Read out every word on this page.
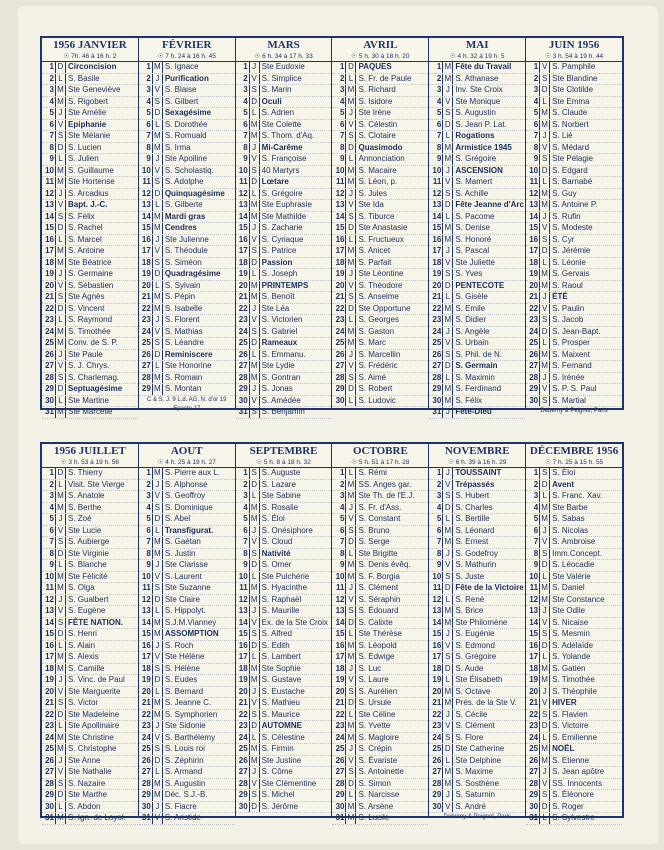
1956 JANVIER
☉ 7h. 46 à 16 h. 2
1 D Circoncision
2 L S. Basile
3 M Ste Geneviève
4 M S. Rigobert
5 J Ste Amélie
6 V Epiphanie
7 S Ste Mélanie
8 D S. Lucien
9 L S. Julien
10 M S. Guillaume
11 M Ste Hortense
12 J S. Arcadius
13 V Bapt. J.-C.
14 S S. Félix
15 D S. Rachel
16 L S. Marcel
17 M S. Antoine
18 M Ste Béatrice
19 J S. Germaine
20 V S. Sébastien
21 S Ste Agnès
22 D S. Vincent
23 L S. Raymond
24 M S. Timothée
25 M Conv. de S. P.
26 J Ste Paule
27 V S. J. Chrys.
28 S S. Charlemag.
29 D Septuagésime
30 L Ste Martine
31 M Ste Marcelle
FÉVRIER
☉ 7 h. 24 à 16 h. 45
1 M S. Ignace
2 J Purification
3 V S. Blaise
4 S S. Gilbert
5 D Sexagésime
6 L S. Dorothée
7 M S. Romuald
8 M S. Irma
9 J Ste Apolline
10 V S. Scholastiq.
11 S S. Adolphe
12 D Quinquagésime
13 L S. Gilberte
14 M Mardi gras
15 M Cendres
16 J Ste Julienne
17 V S. Théodule
18 S S. Siméon
19 D Quadragésime
20 L S. Sylvain
21 M S. Pépin
22 M S. Isabelle
23 J S. Florent
24 V S. Mathias
25 S S. Léandre
26 D Reminiscere
27 L Ste Honorine
28 M S. Romain
29 M S. Montan
C & S. J. 9 L.d. AG. N. d'or 19 Epacte 17
MARS
☉ 6 h. 34 à 17 h. 33
1 J Ste Eudoxie
2 V S. Simplice
3 S S. Marin
4 D Oculi
5 L S. Adrien
6 M Ste Colette
7 M S. Thom. d'Aq.
8 J Mi-Carême
9 V S. Françoise
10 S 40 Martyrs
11 D Lœtare
12 L S. Grégoire
13 M Ste Euphrasie
14 M Ste Mathilde
15 J S. Zacharie
16 V S. Cyriaque
17 S S. Patrice
18 D Passion
19 L S. Joseph
20 M PRINTEMPS
21 M S. Benoît
22 J Ste Léa
23 V S. Victorien
24 S S. Gabriel
25 D Rameaux
26 L S. Emmanu.
27 M Ste Lydie
28 M S. Gontran
29 J S. Jonas
30 V S. Amédée
31 S S. Benjamin
AVRIL
☉ 5 h. 30 à 18 h. 20
1 D PAQUES
2 L S. Fr. de Paule
3 M S. Richard
4 M S. Isidore
5 J Ste Irène
6 V S. Célestin
7 S S. Clotaire
8 D Quasimodo
9 L Annonciation
10 M S. Macaire
11 M S. Léon, p.
12 J S. Jules
13 V Ste Ida
14 S S. Tiburce
15 D Ste Anastasie
16 L S. Fructueux
17 M S. Anicet
18 M S. Parfait
19 J Ste Léontine
20 V S. Théodore
21 S S. Anselme
22 D Ste Opportune
23 L S. Georges
24 M S. Gaston
25 M S. Marc
26 J S. Marcellin
27 V S. Frédéric
28 S S. Aimé
29 D S. Robert
30 L S. Ludovic
MAI
☉ 4 h. 32 à 19 h. 5
1 M Fête du Travail
2 M S. Athanase
3 J Inv. Ste Croix
4 V Ste Monique
5 S S. Augustin
6 D S. Jean P. Lat.
7 L Rogations
8 M Armistice 1945
9 M S. Grégoire
10 J ASCENSION
11 V S. Mamert
12 S S. Achille
13 D Fête Jeanne d'Arc
14 L S. Pacome
15 M S. Denise
16 M S. Honoré
17 J S. Pascal
18 V Ste Juliette
19 S S. Yves
20 D PENTECOTE
21 L S. Gisèle
22 M S. Emile
23 M S. Didier
24 J S. Angèle
25 V S. Urbain
26 S S. Phil. de N.
27 D S. Germain
28 L S. Maximin
29 M S. Ferdinand
30 M S. Félix
31 J Fête-Dieu
JUIN 1956
☉ 3 h. 54 à 19 h. 44
1 V S. Pamphile
2 S Ste Blandine
3 D Ste Clotilde
4 L Ste Emma
5 M S. Claude
6 M S. Norbert
7 J S. Lié
8 V S. Médard
9 S Ste Pélagie
10 D S. Edgard
11 L S. Barnabé
12 M S. Guy
13 M S. Antoine P.
14 J S. Rufin
15 V S. Modeste
16 S S. Cyr
17 D S. Jérémie
18 L S. Léonie
19 M S. Gervais
20 M S. Raoul
21 J ÉTÉ
22 V S. Paulin
23 S S. Jacob
24 D S. Jean-Bapt.
25 L S. Prosper
26 M S. Maixent
27 M S. Fernand
28 J S. Irénée
29 V S. P. S. Paul
30 S S. Martial
Deberny & Peignot, Paris
1956 JUILLET
☉ 3 h. 53 à 19 h. 56
1 D S. Thierry
2 L Visit. Ste Vierge
3 M S. Anatole
4 M S. Berthe
5 J S. Zoé
6 V Ste Lucie
7 S S. Aubierge
8 D Ste Virginie
9 L S. Blanche
10 M Ste Félicité
11 M S. Olga
12 J S. Gualbert
13 V S. Eugène
14 S FÊTE NATION.
15 D S. Henri
16 L S. Alain
17 M S. Alexis
18 M S. Camille
19 J S. Vinc. de Paul
20 V Ste Marguerite
21 S S. Victor
22 D Ste Madeleine
23 L Ste Apollinaire
24 M Ste Christine
25 M S. Christophe
26 J Ste Anne
27 V Ste Nathalie
28 S S. Nazaire
29 D Ste Marthe
30 L S. Abdon
31 M S. Ign. de Loyol.
AOUT
☉ 4 h. 25 à 19 h. 27
1 M S. Pierre aux L.
2 J S. Alphonse
3 V S. Geoffroy
4 S S. Dominique
5 D S. Abel
6 L Transfigurat.
7 M S. Gaétan
8 M S. Justin
9 J Ste Clarisse
10 V S. Laurent
11 S Ste Suzanne
12 D Ste Claire
13 L S. Hippolyt.
14 M S.J.M.Vianney
15 M ASSOMPTION
16 J S. Roch
17 V Ste Hélène
18 S S. Hélène
19 D S. Eudes
20 L S. Bernard
21 M S. Jeanne C.
22 M S. Symphorien
23 J Ste Sidonie
24 V S. Barthélemy
25 S S. Louis roi
26 D S. Zéphirin
27 L S. Armand
28 M S. Augustin
29 M Déc. S.J.-B.
30 J S. Fiacre
31 V S. Aristide
SEPTEMBRE
☉ 5 h. 8 à 18 h. 32
1 S S. Auguste
2 D S. Lazare
3 L Ste Sabine
4 M S. Rosalie
5 M S. Éloi
6 J S. Onésiphore
7 V S. Cloud
8 S Nativité
9 D S. Omer
10 L Ste Pulchérie
11 M S. Hyacinthe
12 M S. Raphaël
13 J S. Maurille
14 V Ex. de la Ste Croix
15 S S. Alfred
16 D S. Edith
17 L S. Lambert
18 M Ste Sophie
19 M S. Gustave
20 J S. Eustache
21 V S. Mathieu
22 S S. Maurice
23 D AUTOMNE
24 L S. Célestine
25 M S. Firmin
26 M Ste Justine
27 J S. Côme
28 V Ste Clémentine
29 S S. Michel
30 D S. Jérôme
OCTOBRE
☉ 5 h. 51 à 17 h. 28
1 L S. Rémi
2 M SS. Anges gar.
3 M Ste Th. de l'E.J.
4 J S. Fr. d'Ass.
5 V S. Constant
6 S S. Bruno
7 D S. Serge
8 L Ste Brigitte
9 M S. Denis évêq.
10 M S. F. Borgia
11 J S. Clément
12 V S. Séraphin
13 S S. Édouard
14 D S. Calixte
15 L Ste Thérèse
16 M S. Léopold
17 M S. Edwige
18 J S. Luc
19 V S. Laure
20 S S. Aurélien
21 D S. Ursule
22 L Ste Céline
23 M S. Yvette
24 M S. Magloire
25 J S. Crépin
26 V S. Évariste
27 S S. Antoinette
28 D S. Simon
29 L S. Narcisse
30 M S. Arsène
31 M S. Lucile
NOVEMBRE
☉ 6 h. 39 à 16 h. 29
1 J TOUSSAINT
2 V Trépassés
3 S S. Hubert
4 D S. Charles
5 L S. Bertille
6 M S. Léonard
7 M S. Ernest
8 J S. Godefroy
9 V S. Mathurin
10 S S. Juste
11 D Fête de la Victoire
12 L S. René
13 M S. Brice
14 M Ste Philomène
15 J S. Eugénie
16 V S. Edmond
17 S S. Grégoire
18 D S. Aude
19 L Ste Élisabeth
20 M S. Octave
21 M Prés. de la Ste V.
22 J S. Cécile
23 V S. Clément
24 S S. Flore
25 D Ste Catherine
26 L Ste Delphine
27 M S. Maxime
28 M S. Sosthène
29 J S. Saturnin
30 V S. André
Deberny & Peignot, Paris
DÉCEMBRE 1956
☉ 7 h. 25 à 15 h. 55
1 S S. Éloi
2 D Avent
3 L S. Franc. Xav.
4 M Ste Barbe
5 M S. Sabas
6 J S. Nicolas
7 V S. Ambroise
8 S Imm.Concept.
9 D S. Léocadie
10 L Ste Valérie
11 M S. Daniel
12 M Ste Constance
13 J Ste Odile
14 V S. Nicaise
15 S S. Mesmin
16 D S. Adélaïde
17 L S. Yolande
18 M S. Gatien
19 M S. Timothée
20 J S. Théophile
21 V HIVER
22 S S. Flavien
23 D S. Victoire
24 L S. Emilienne
25 M NOËL
26 M S. Etienne
27 J S. Jean apôtre
28 V SS. Innocents
29 S S. Éléonore
30 D S. Roger
31 L S. Sylvestre
